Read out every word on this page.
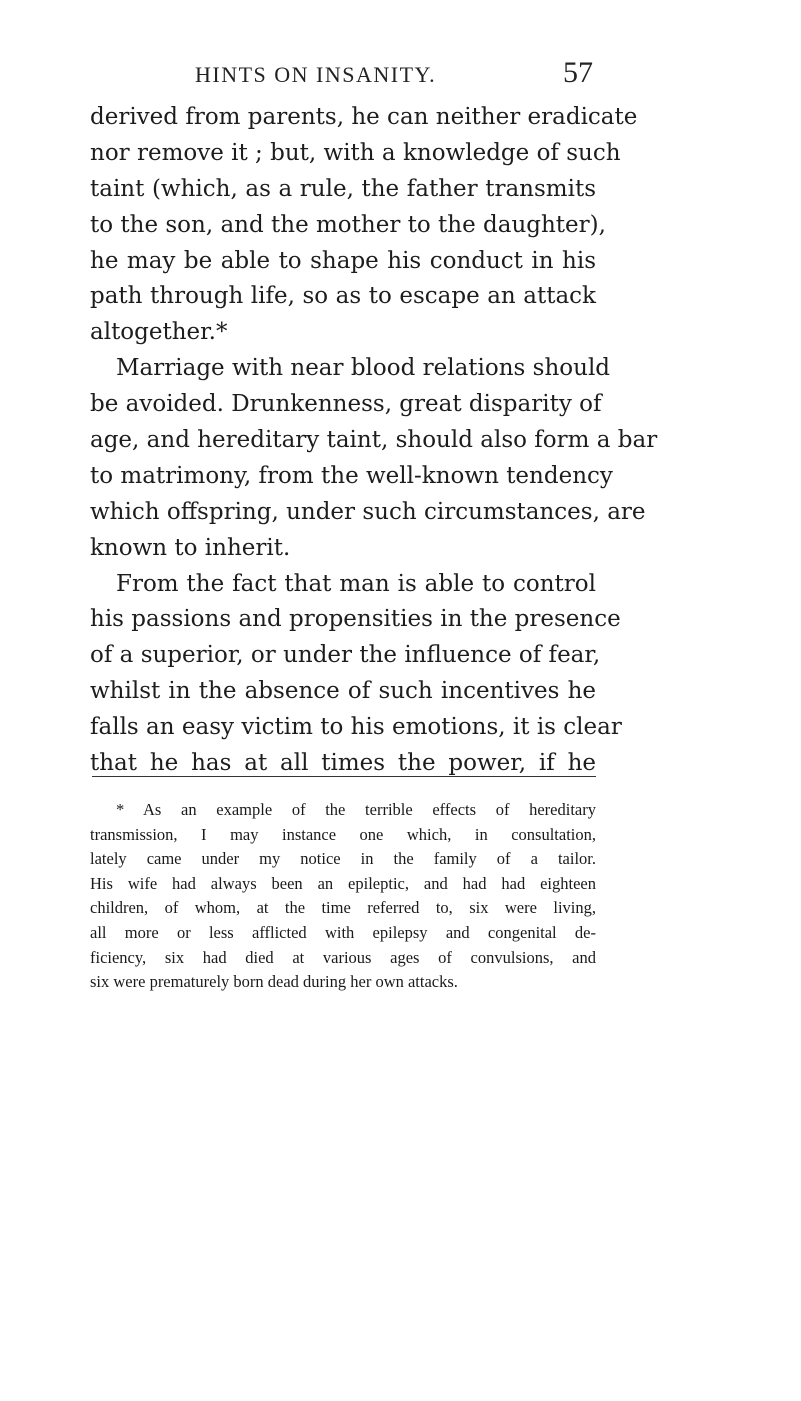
HINTS ON INSANITY.	57
derived from parents, he can neither eradicate
nor remove it ; but, with a knowledge of such
taint (which, as a rule, the father transmits
to the son, and the mother to the daughter),
he may be able to shape his conduct in his
path through life, so as to escape an attack
altogether.*
Marriage with near blood relations should
be avoided. Drunkenness, great disparity of
age, and hereditary taint, should also form a bar
to matrimony, from the well-known tendency
which offspring, under such circumstances, are
known to inherit.
From the fact that man is able to control
his passions and propensities in the presence
of a superior, or under the influence of fear,
whilst in the absence of such incentives he
falls an easy victim to his emotions, it is clear
that he has at all times the power, if he
* As an example of the terrible effects of hereditary
transmission, I may instance one which, in consultation,
lately came under my notice in the family of a tailor.
His wife had always been an epileptic, and had had eighteen
children, of whom, at the time referred to, six were living,
all more or less afflicted with epilepsy and congenital de-
ficiency, six had died at various ages of convulsions, and
six were prematurely born dead during her own attacks.
